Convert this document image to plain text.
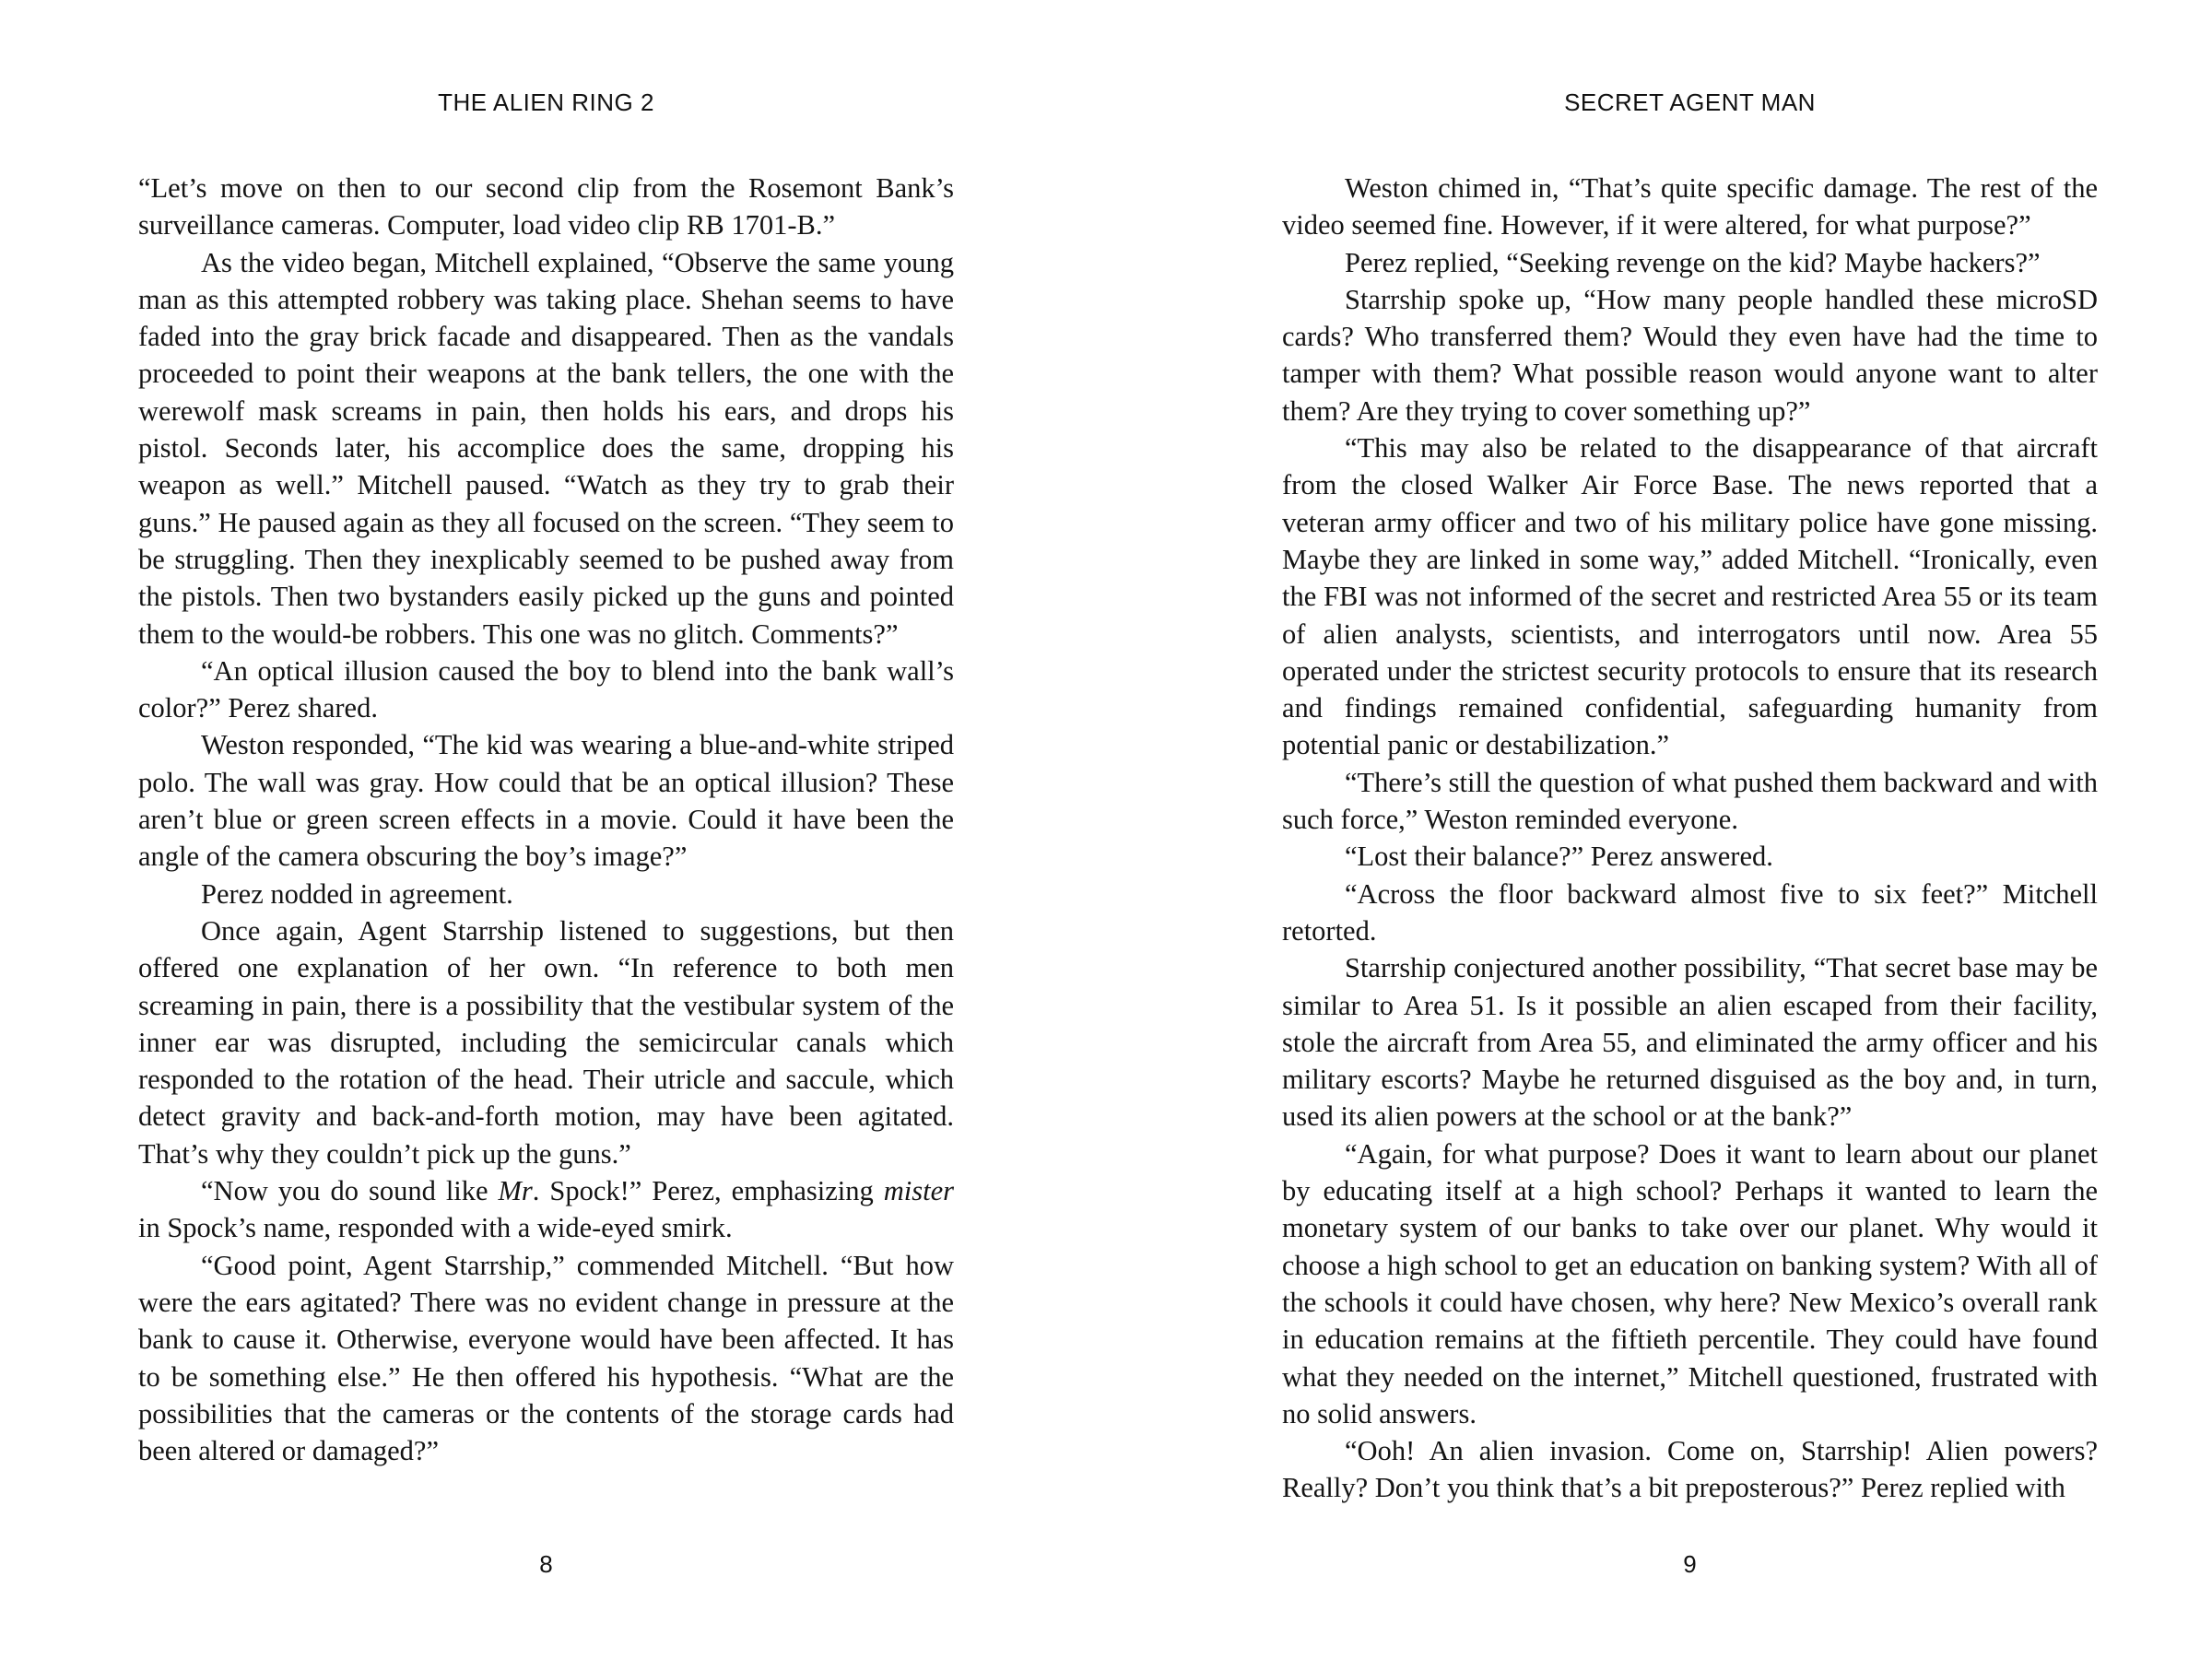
THE ALIEN RING 2

“Let’s move on then to our second clip from the Rosemont Bank’s surveillance cameras. Computer, load video clip RB 1701-B.”

As the video began, Mitchell explained, “Observe the same young man as this attempted robbery was taking place. Shehan seems to have faded into the gray brick facade and disappeared. Then as the vandals proceeded to point their weapons at the bank tellers, the one with the werewolf mask screams in pain, then holds his ears, and drops his pistol. Seconds later, his accomplice does the same, dropping his weapon as well.” Mitchell paused. “Watch as they try to grab their guns.” He paused again as they all focused on the screen. “They seem to be struggling. Then they inexplicably seemed to be pushed away from the pistols. Then two bystanders easily picked up the guns and pointed them to the would-be robbers. This one was no glitch. Comments?”

“An optical illusion caused the boy to blend into the bank wall’s color?” Perez shared.

Weston responded, “The kid was wearing a blue-and-white striped polo. The wall was gray. How could that be an optical illusion? These aren’t blue or green screen effects in a movie. Could it have been the angle of the camera obscuring the boy’s image?”

Perez nodded in agreement.

Once again, Agent Starrship listened to suggestions, but then offered one explanation of her own. “In reference to both men screaming in pain, there is a possibility that the vestibular system of the inner ear was disrupted, including the semicircular canals which responded to the rotation of the head. Their utricle and saccule, which detect gravity and back-and-forth motion, may have been agitated. That’s why they couldn’t pick up the guns.”

“Now you do sound like Mr. Spock!” Perez, emphasizing mister in Spock’s name, responded with a wide-eyed smirk.

“Good point, Agent Starrship,” commended Mitchell. “But how were the ears agitated? There was no evident change in pressure at the bank to cause it. Otherwise, everyone would have been affected. It has to be something else.” He then offered his hypothesis. “What are the possibilities that the cameras or the contents of the storage cards had been altered or damaged?”

8
SECRET AGENT MAN

Weston chimed in, “That’s quite specific damage. The rest of the video seemed fine. However, if it were altered, for what purpose?”

Perez replied, “Seeking revenge on the kid? Maybe hackers?”

Starrship spoke up, “How many people handled these microSD cards? Who transferred them? Would they even have had the time to tamper with them? What possible reason would anyone want to alter them? Are they trying to cover something up?”

“This may also be related to the disappearance of that aircraft from the closed Walker Air Force Base. The news reported that a veteran army officer and two of his military police have gone missing. Maybe they are linked in some way,” added Mitchell. “Ironically, even the FBI was not informed of the secret and restricted Area 55 or its team of alien analysts, scientists, and interrogators until now. Area 55 operated under the strictest security protocols to ensure that its research and findings remained confidential, safeguarding humanity from potential panic or destabilization.”

“There’s still the question of what pushed them backward and with such force,” Weston reminded everyone.

“Lost their balance?” Perez answered.

“Across the floor backward almost five to six feet?” Mitchell retorted.

Starrship conjectured another possibility, “That secret base may be similar to Area 51. Is it possible an alien escaped from their facility, stole the aircraft from Area 55, and eliminated the army officer and his military escorts? Maybe he returned disguised as the boy and, in turn, used its alien powers at the school or at the bank?”

“Again, for what purpose? Does it want to learn about our planet by educating itself at a high school? Perhaps it wanted to learn the monetary system of our banks to take over our planet. Why would it choose a high school to get an education on banking system? With all of the schools it could have chosen, why here? New Mexico’s overall rank in education remains at the fiftieth percentile. They could have found what they needed on the internet,” Mitchell questioned, frustrated with no solid answers.

“Ooh! An alien invasion. Come on, Starrship! Alien powers? Really? Don’t you think that’s a bit preposterous?” Perez replied with

9
